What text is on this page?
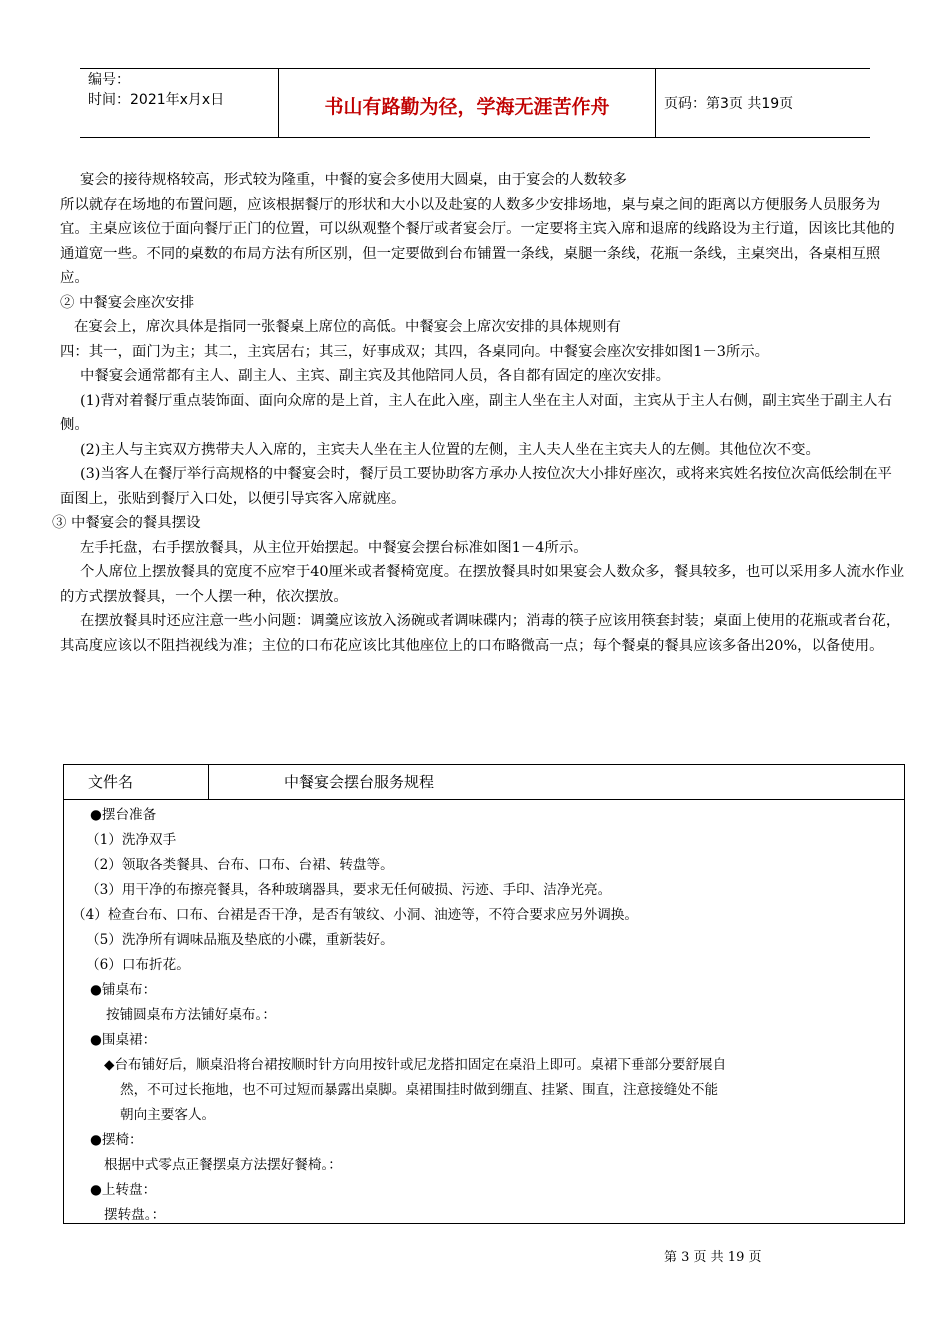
编号：
时间：2021年x月x日	书山有路勤为径，学海无涯苦作舟	页码：第3页 共19页

宴会的接待规格较高，形式较为隆重，中餐的宴会多使用大圆桌，由于宴会的人数较多

所以就存在场地的布置问题，应该根据餐厅的形状和大小以及赴宴的人数多少安排场地，桌与桌之间的距离以方便服务人员服务为宜。主桌应该位于面向餐厅正门的位置，可以纵观整个餐厅或者宴会厅。一定要将主宾入席和退席的线路设为主行道，因该比其他的通道宽一些。不同的桌数的布局方法有所区别，但一定要做到台布铺置一条线，桌腿一条线，花瓶一条线，主桌突出，各桌相互照应。

② 中餐宴会座次安排

在宴会上，席次具体是指同一张餐桌上席位的高低。中餐宴会上席次安排的具体规则有

四：其一，面门为主；其二，主宾居右；其三，好事成双；其四，各桌同向。中餐宴会座次安排如图1－3所示。

中餐宴会通常都有主人、副主人、主宾、副主宾及其他陪同人员，各自都有固定的座次安排。

(1)背对着餐厅重点装饰面、面向众席的是上首，主人在此入座，副主人坐在主人对面，主宾从于主人右侧，副主宾坐于副主人右侧。

(2)主人与主宾双方携带夫人入席的，主宾夫人坐在主人位置的左侧，主人夫人坐在主宾夫人的左侧。其他位次不变。

(3)当客人在餐厅举行高规格的中餐宴会时，餐厅员工要协助客方承办人按位次大小排好座次，或将来宾姓名按位次高低绘制在平面图上，张贴到餐厅入口处，以便引导宾客入席就座。

③ 中餐宴会的餐具摆设

左手托盘，右手摆放餐具，从主位开始摆起。中餐宴会摆台标准如图1－4所示。

个人席位上摆放餐具的宽度不应窄于40厘米或者餐椅宽度。在摆放餐具时如果宴会人数众多，餐具较多，也可以采用多人流水作业的方式摆放餐具，一个人摆一种，依次摆放。

在摆放餐具时还应注意一些小问题：调羹应该放入汤碗或者调味碟内；消毒的筷子应该用筷套封装；桌面上使用的花瓶或者台花，其高度应该以不阻挡视线为准；主位的口布花应该比其他座位上的口布略微高一点；每个餐桌的餐具应该多备出20%，以备使用。

文件名	中餐宴会摆台服务规程
●摆台准备
（1）洗净双手
（2）领取各类餐具、台布、口布、台裙、转盘等。
（3）用干净的布擦亮餐具，各种玻璃器具，要求无任何破损、污迹、手印、洁净光亮。
（4）检查台布、口布、台裙是否干净，是否有皱纹、小洞、油迹等，不符合要求应另外调换。
（5）洗净所有调味品瓶及垫底的小碟，重新装好。
（6）口布折花。
●铺桌布：
按铺圆桌布方法铺好桌布。：
●围桌裙：
◆台布铺好后，顺桌沿将台裙按顺时针方向用按针或尼龙搭扣固定在桌沿上即可。桌裙下垂部分要舒展自
然，不可过长拖地，也不可过短而暴露出桌脚。桌裙围挂时做到绷直、挂紧、围直，注意接缝处不能
朝向主要客人。
●摆椅：
根据中式零点正餐摆桌方法摆好餐椅。：
●上转盘：
摆转盘。：
第 3 页 共 19 页
